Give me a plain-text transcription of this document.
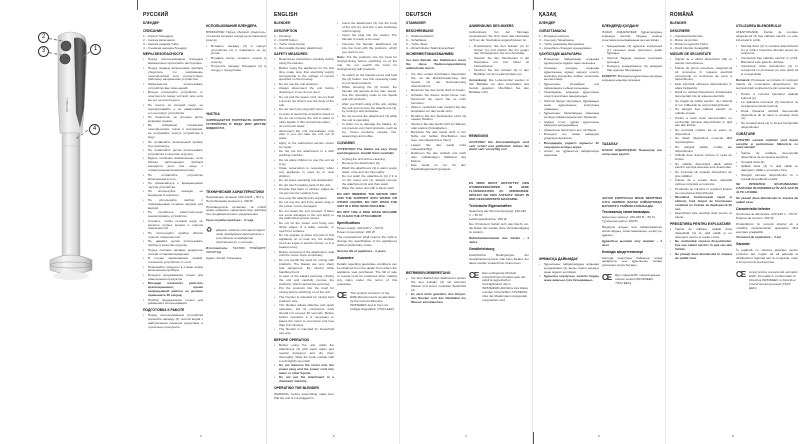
MAXWELL
2
3	1
4
РУССКИЙ
БЛЕНДЕР
ОПИСАНИЕ
1 – Корпус блендера
2 – Кнопка включения
3 – Кнопка режима Turbo
4 – Съемная насадка блендер
МЕРЫ БЕЗОПАСНОСТИ
• Перед использованием блендера внимательно прочитайте инструкцию.
• Перед первым включением прибора убедитесь, что напряжение электрической сети соответствует рабочему напряжению устройства.
• Запрещается использовать устройство вне помещений.
• Всегда отключайте устройство от электросети перед чисткой, или если вы его не используете.
• Не тяните за сетевой шнур, не перекручивайте и не наматывайте его на корпус устройства.
• Не берритесь за сетевую вилку мокрыми руками.
• Во избежание поражения электрическим током и возгорания, не погружайте корпус устройства в воду.
• Не оставляйте включенный прибор без присмотра.
• Не позволяйте детям использовать устройство в качестве игрушки.
• Будьте особенно внимательны, если вблизи работающего прибора находятся дети или люди с ограниченными возможностями.
• Не оставляйте устройство включенным в сеть.
• Не прикасайтесь к вращающимся частям устройства.
• Не используйте насадки, не входящие в комплект.
• Не используйте прибор с поврежденным сетевым шнуром или вилкой.
• Не пытайтесь самостоятельно ремонтировать устройство.
• Следите, чтобы сетевой шнур не касался острых кромок и горячих поверхностей.
• Не используйте прибор вблизи горячих поверхностей.
• Не давайте детям использовать прибор в качестве игрушки.
• Перед снятием насадки дождитесь полной остановки вращения.
• В случае заклинивания лезвий, отключите устройство от сети.
• Помещайте продукты в стакан перед включением прибора.
• Блендер предназначен только для измельчения продуктов.
• Блендер позволяет работать кратковременно; время непрерывной работы не должно превышать 30 секунд.
• Прибор предназначен только для домашнего использования.
ПОДГОТОВКА К РАБОТЕ
• Перед использованием устройства промойте насадку (4) теплой водой с нейтральным моющим средством и тщательно просушите.
ИСПОЛЬЗОВАНИЕ БЛЕНДЕРА
ВНИМАНИЕ! Перед сборкой убедитесь, что вилка сетевого шнура не вставлена в розетку.
• Вставьте насадку (4) в корпус устройства (1) и поверните ее до упора.
• Вставьте вилку сетевого шнура в розетку.
• Погрузите насадку блендера (4) в посуду с продуктами.
ЧИСТКА
ЗАПРЕЩАЕТСЯ ПОГРУЖАТЬ КОРПУС УСТРОЙСТВА В ВОДУ ИЛИ ДРУГИЕ ЖИДКОСТИ.
ТЕХНИЧЕСКИЕ ХАРАКТЕРИСТИКИ
Напряжение питания: 220-240 В ~ 50 Гц
Потребляемая мощность: 200 Вт
Производитель оставляет за собой право изменять характеристики прибора без предварительного уведомления.
Срок службы прибора – 3 года
♻ Данное изделие соответствует всем требуемым европейским и российским стандартам безопасности и гигиены.
Изготовитель: ТЕХНИК ТРЕЙДИНГ ЛИМИТЕД
Адрес: Китай, Тяньцзинь
3
ENGLISH
BLENDER
DESCRIPTION
1 – Housing
2 – On/Off button
3 – Turbo mode button
4 – Removable blender attachment
SAFETY MEASURES
• Read these instructions carefully before using the blender.
• Before using the appliance for the first time make sure that electricity supply corresponds to the voltage of current specified on the housing.
• Do not use the unit outdoors.
• Always disconnect the unit before cleaning or if you do not use it.
• Do not pull the power cord, do not twist it and do not wind it over the body of the unit.
• Do not touch the plug with wet hands.
• In order to avoid risk of electric shock or fire do not immerse the unit in water or other liquids. If this unit fell into water:
• do not touch water;
• disconnect the unit immediately, only after it you can take the unit out of water;
• apply to the authorized service center for repair.
• Do not put the attachment in a dish washing machine.
• Do not allow children to use the unit as a toy.
• Close supervision is necessary when any appliance is used by or near children.
• Do not leave operating unit unattended.
• Do not touch rotating parts of the unit.
• Provide that hairs or clothes' edges do not get into the rotating zone.
• Use only the attachments supplied.
• Do not use the unit if the power plug or the power cord is damaged.
• Do not repair the unit yourself. If there are some damages in the unit apply to the authorized service center.
• Do not let the power cord hang over sharp edges of a table, counter, or touch hot surfaces.
• Do not operate or place any part of this appliance on or near any hot surface (such as a gas or electric burner, or in a heated oven).
• Before removing of the attachment, wait until the motor stops completely.
• Do not overfill the bowl for mixing with products. The blades are very sharp and dangerous. Be careful while handling them!
• In case of the blades jamming, Unplug the unit and carefully remove the products, which caused the jamming.
• Put the products into the bowl for mixing before switching on of the unit.
• The blender is intended for mixing food products only.
• The blender allows effective and quick operation, but its continuous work should not exceed 30 seconds. Before further operation it is necessary to pause the motor to cool down (not less than 3-4 minutes).
• The blender is intended for household use only.
BEFORE OPERATION
• Before using the unit, wash the attachment (4) with warm water and neutral detergent and dry them thoroughly. Wipe the body outside with a soft slightly wet cloth.
• Do not immerse the motor unit, the power plug and the power cord into water or other liquids.
• Do not put the attachment in a dishwash machine.
OPERATING THE BLENDER
WARNING: before assembling make sure that the unit is not plugged in.
• Insert the attachment (4) into the body of the unit (1), and turn it anti clockwise until bumping.
• Insert the plug into the socket. The blender is ready to be used.
• Immerse the blender attachment (4) into the bowl with the products, which you want to mix.
Note: Put the products into the bowl for cutting/mixing before switching on of the unit. Do not overfill the bowl for cutting/mixing with products.
• To switch on the blender press and hold the (2) button. Use this operating mode to mix liquid products.
• When pressing the (3) button, the blender will operate at the max. speed. Use this operating mode to mix liquids and soft products.
• After you finish using of the unit, unplug the unit and remove the attachment (4), by turning it anti-clockwise.
• Do not remove the attachment (4) while the unit is operating.
• In order not to damage the blades, do not process very hard products, such as ice, frozen products, cereals, rice, seasonings and coffee.
CLEANING
ATTENTION! The blades are very sharp and dangerous. Handle them carefully!
• Unplug the unit before cleaning.
• Remove the attachment (4).
• Wash the attachment (4) in warm soapy water, rinse and dry thoroughly.
• Do not wash the attachment (4) if it is on the motor unit (1), always remove the attachment (4) and then wash.
• Wipe the motor unit with a damp cloth.
DO NOT IMMERSE THE MOTOR UNIT AND THE SUPPORT INTO WATER OR OTHER LIQUIDS. DO NOT WASH THE UNIT IN A DISH WASH MACHINE.
DO NOT USE A DISH WASH MACHINE TO CLEAN THE ATTACHMENT.
Specifications
Power supply: 220-240 V ~ 50 Hz
Power consumption: 200 W
The manufacturer shall reserve the right to change the specification of the appliances without preliminary notice.
Service life of appliance - 3 years
Guarantee
Details regarding guarantee conditions can be obtained from the dealer from whom the appliance was purchased. The bill of sale or receipt must be produced when making any claim under the terms of this guarantee.
CE This product conforms to the EMC-Requirements as laid down by the Council Directive 89/336/EEC and to the Low Voltage Regulation (73/23 EEC)
5
DEUTSCH
STABMIXER
BESCHREIBUNG
1 – Stabmixerkörper
2 – Schalttaste
3 – Turbo-Taste
4 – Abnehmbarer Stabmixeraufsatz
SICHERHEITSMASSNAHMEN
Vor dem Betrieb des Stabmixers lesen Sie diese Bedienungsanleitung aufmerksam durch.
• Vor dem ersten Anschalten überprüfen Sie, ob die Betriebsspannung des Geräts mit der Netzspannung übereinstimmt.
• Benutzen Sie das Gerät nicht im Freien.
• Schalten Sie dieses Gerät immer vom Stromnetz ab, wenn Sie es nicht benutzen.
• Ziehen, verdrehen oder wickeln Sie das Netzkabel um das Gerät nicht.
• Berühren Sie den Netzstecker nicht mit nassen Händen.
• Tauchen Sie das Gerät nicht ins Wasser oder andere Flüssigkeiten.
• Benutzen Sie das Gerät nicht in der Nähe von heißen Oberflächen (wie Gas- oder Elektroherd, Ofen).
• Lassen Sie das Gerät nicht unbeaufsichtigt.
• Entfernen Sie den Aufsatz erst nach dem vollständigen Stillstand des Motors.
• Das Gerät ist nur für den Haushaltsgebrauch geeignet.
BETRIEBSVORBEREITUNG
• Vor dem Betrieb des Stabmixers spülen Sie den Aufsatz (4) mit warmem Wasser und einem neutralen Spülmittel ab.
• Es wird nicht gestattet, den Körper, den Stecker und das Netzkabel ins Wasser einzutauchen.
ANWENDUNG DES MIXERS
Aufmerksam: Vor der Montage vergewissern Sie sich, dass das Netzkabel nicht an der Steckdose angeschlossen ist.
• Positionieren Sie den Aufsatz (4) im Körper (1) und drehen Sie ihn gegen den Uhrzeigersinn bis zum Anschlag.
• Stecken Sie den Netzstecker in die Steckdose ein. Der Mixer ist betriebsbereit.
• Tauchen Sie den Aufsatz (4) in den Behälter mit den Lebensmitteln ein.
Anmerkung: Die Lebensmittel werden in den Behälter vor dem Anschalten des Geräts gegeben. Überfüllen Sie den Behälter nicht.
REINIGUNG
ACHTUNG! Die Schneideklingen sind sehr scharf und gefährlich. Gehen Sie damit sehr vorsichtig um!
ES WIRD NICHT GESTATTET, DEN STABMIXERKÖRPER IN JEDE FLÜSSIGKEITEN ZU VERSENKEN. SPÜLEN SIE DEN AUFSATZ NICHT IN DER GESCHIRRSPÜLMASCHINE.
Technische Eigenschaften
Spannung der Stromversorgung: 220-240 V ~ 50 Hz
Leistungsaufnahme: 200 W
Der Produzent behält sich das Recht vor, die Daten der Geräte ohne Vorankündigung zu ändern.
Betriebslebensdauer des Geräts – 3 Jahre
Gewährleistung
Ausführliche Bedingungen der Gewährleistung kann man beim Dealer, der diese Geräte verkauft hat, bekommen.
CE Das vorliegende Produkt entspricht den Forderungen der elektromagnetischen Verträglichkeit, die in 89/336/EWG-Richtlinie des Rates und den Vorschriften 73/23/EWG über die Niederspannungsgeräte vorgesehen sind.
4
ҚАЗАҚ
БЛЕНДЕР
СИПАТТАМАСЫ
1 – Блендер корпусы
2 – Іске қосу батырмасы
3 – Turbo режимінің батырмасы
4 – Алынбалы блендер қондырмасы
ҚАУІПСІЗДІК ШАРАЛАРЫ
• Блендерді пайдаланар алдында нұсқаулықты мұқият оқып шығыңыз.
• Алғашқы қосудың алдында құрылғының жұмыс кернеуі электр желісінің кернеуіне сәйкес келетініне көз жеткізіңіз.
• Құрылғыны үй-жайдан тыс пайдалануға тыйым салынады.
• Тазалаудың алдында құрылғыны электр желісінен ажыратыңыз.
• Желілік бауды тартпаңыз, бұрамаңыз және құрылғының корпусына орамаңыз.
• Құрылғыны балалардың ойыншық ретінде пайдалануына жол бермеңіз.
• Жұмыс істеп тұрған құрылғыны қараусыз қалдырмаңыз.
• Айналатын бөліктерге қол тигізбеңіз.
• Блендер тек тағам өнімдерін ұсақтауға арналған.
• Блендердің үздіксіз жұмысы 30 секундтан аспауы керек.
• Аспап тек тұрмыстық пайдалануға арналған.
ЖҰМЫСҚА ДАЙЫНДАУ
• Құрылғыны пайдаланудың алдында қондырманы (4) жылы сумен жуыңыз және мұқият кептіріңіз.
• Құрылғы корпусын, желілік бауды және ашасын суға батырмаңыз.
БЛЕНДЕРДІ ҚОЛДАНУ
НАЗАР АУДАРЫҢЫЗ! Құрастырудың алдында желілік баудың ашасы розеткаға қосылмағанына көз жеткізіңіз.
• Қондырманы (4) құрылғы корпусына (1) салыңыз және тірелгенге дейін бұраңыз.
• Желілік баудың ашасын розеткаға қосыңыз.
• Блендер қондырмасын (4) өнімдері бар ыдысқа батырыңыз.
ЕСКЕРТУ: Өнімдерді құрылғыны қосудың алдында ыдысқа салыңыз.
ТАЗАЛАУ
НАЗАР АУДАРЫҢЫЗ! Пышақтар өте өткір және қауіпті.
АСПАП КОРПУСЫН ЖӘНЕ БЕКІТПЕНІ СУҒА НЕМЕСЕ БАСҚА СҰЙЫҚТЫҚҚА БАТЫРУҒА ТЫЙЫМ САЛЫНАДЫ.
Техникалық сипаттамалары
Қоректену кернеуі: 220-240 В ~ 50 Гц
Тұтынатын қуаты: 200 Вт
Өндіруші алдын ала хабарламастан аспаптардың сипаттамаларын өзгертуге құқылы.
Құралдың қызмет ету мерзімі – 3 жыл
Кепілдік міндеттемелері
Кепілдік шарттары бойынша толық ақпаратты осы құрылғыны сатқан дилерден алуға болады.
CE Бұл тауар ЕМС талаптарына сәйкес келеді (89/336/ЕЕС, 73/23 ЕЕС).
6
ROMÂNĂ
BLENDER
DESCRIERE
1 – Carcasa blenderului
2 – Buton de pornire
3 – Butonul regimului Turbo
4 – Duză blender detașabilă
MĂSURI DE SECURITATE
• Înainte de a utiliza dispozitivul citiți cu atenție instrucțiunea.
• Înainte de prima conectare, asigurați-vă că tensiunea în rețeaua electrică corespunde cu tensiunea de lucru a dispozitivului.
• Este interzisă utilizarea dispozitivului în afara încăperilor.
• Dacă nu utilizați dispozitivul, întotdeauna deconectați-l de la rețeaua electrică.
• Nu trageți de cablul electric, nu-l răsuciți și nu-l înfășurați pe corpul dispozitivului.
• Nu atingeți fișa cablului electric cu mâinile umede.
• Pentru a evita riscul electrocutării, nu scufundați carcasa dispozitivului în apă sau alte lichide.
• Nu permiteți copiilor să se joace cu dispozitivul.
• Nu lăsați dispozitivul conectat fără supraveghere.
• Nu atingeți părțile mobile ale dispozitivului.
• Utilizați doar duzele incluse în setul de livrare.
• Nu utilizați dispozitivul dacă cablul electric sau fișa acestuia sunt deteriorate.
• Nu încercați să reparați dispozitivul de sine stătător.
• Înainte de a scoate duza, așteptați oprirea completă a motorului.
• Produsele se introduc în recipient înainte de conectarea dispozitivului.
• Blenderul funcționează rapid și eficient, însă timpul de funcționare continuă nu trebuie să depășească 30 sec.
• Dispozitivul este destinat doar pentru uz casnic.
PREGĂTIREA PENTRU EXPLOATARE
• Înainte de utilizare, spălați duza detașabilă (4) cu apă caldă și un detergent neutru și uscați-o bine.
• Nu scufundați carcasa dispozitivului, fișa sau cablul electric în apă sau alte lichide.
• Nu plasați duza blenderului în mașina de spălat vase.
UTILIZAREA BLENDERULUI
ATENȚIONARE: Înainte de montare asigurați-vă că fișa cablului electric nu este introdusă în priză.
• Montați duza (4) în carcasa dispozitivului (1) și rotiți-o împotriva direcției acelor de ceasornic.
• Introduceți fișa cablului electric în priză. Blenderul este gata de utilizare.
• Introduceți duza blenderului (4) în recipientul cu produsele pe care doriți să le omogenizați.
Remarcă: Produsele se introduc în recipient înainte de conectarea dispozitivului. Nu supraumpleți recipientul pentru amestecare.
• Pentru a conecta blenderul apăsați butonul (2).
• La apăsarea butonului (3) blenderul va funcționa la viteză maximă.
• După finisarea utilizării deconectați dispozitivul de la rețea și scoateți duza (4).
• Nu scoateți duza (4) în timpul funcționării dispozitivului.
CURĂȚARE
ATENȚIE! Lamele cuțitelor sunt foarte ascuțite și periculoase. Mânuiți-le cu mare atenție!
• Înainte de curățare deconectați dispozitivul de la rețeaua electrică.
• Scoateți duza (4).
• Spălați duza (4) în apă caldă cu detergent, clătiți-o și uscați-o bine.
• Ștergeți carcasa dispozitivului cu o bucată de țesătură umedă.
SE INTERZICE SCUFUNDAREA CARCASEI BLENDERULUI ÎN APĂ SAU ÎN ALTE LICHIDE.
Nu plasați duza blenderului în mașina de spălat vase.
Caracteristici tehnice
Tensiunea de alimentare: 220-240 V ~ 50 Hz
Puterea de consum: 200 W
Producătorul își rezervă dreptul de a modifica caracteristicile aparatelor fără anunțare prealabilă.
Termenul de exploatare – 3 ani
Garanție
În legătură cu oferirea garanției pentru produsul dat, rugăm să vă adresați la distribuitorul regional sau la compania, unde a fost procurat produsul dat.
CE Acest produs corespunde cerințelor EMC, formulate în conformitate cu Directiva 89/336/EEC și Directivei privind tensiunea joasă (73/23 EEC).
8
